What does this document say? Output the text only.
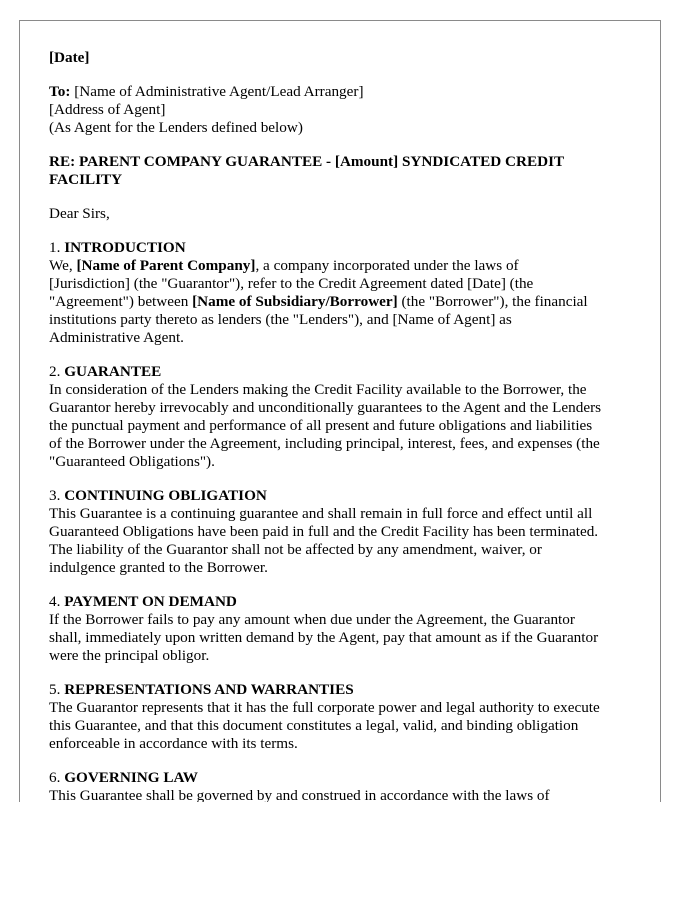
[Date]
To: [Name of Administrative Agent/Lead Arranger]
[Address of Agent]
(As Agent for the Lenders defined below)
RE: PARENT COMPANY GUARANTEE - [Amount] SYNDICATED CREDIT
FACILITY
Dear Sirs,
1. INTRODUCTION
We, [Name of Parent Company], a company incorporated under the laws of
[Jurisdiction] (the "Guarantor"), refer to the Credit Agreement dated [Date] (the
"Agreement") between [Name of Subsidiary/Borrower] (the "Borrower"), the financial
institutions party thereto as lenders (the "Lenders"), and [Name of Agent] as
Administrative Agent.
2. GUARANTEE
In consideration of the Lenders making the Credit Facility available to the Borrower, the
Guarantor hereby irrevocably and unconditionally guarantees to the Agent and the Lenders
the punctual payment and performance of all present and future obligations and liabilities
of the Borrower under the Agreement, including principal, interest, fees, and expenses (the
"Guaranteed Obligations").
3. CONTINUING OBLIGATION
This Guarantee is a continuing guarantee and shall remain in full force and effect until all
Guaranteed Obligations have been paid in full and the Credit Facility has been terminated.
The liability of the Guarantor shall not be affected by any amendment, waiver, or
indulgence granted to the Borrower.
4. PAYMENT ON DEMAND
If the Borrower fails to pay any amount when due under the Agreement, the Guarantor
shall, immediately upon written demand by the Agent, pay that amount as if the Guarantor
were the principal obligor.
5. REPRESENTATIONS AND WARRANTIES
The Guarantor represents that it has the full corporate power and legal authority to execute
this Guarantee, and that this document constitutes a legal, valid, and binding obligation
enforceable in accordance with its terms.
6. GOVERNING LAW
This Guarantee shall be governed by and construed in accordance with the laws of
